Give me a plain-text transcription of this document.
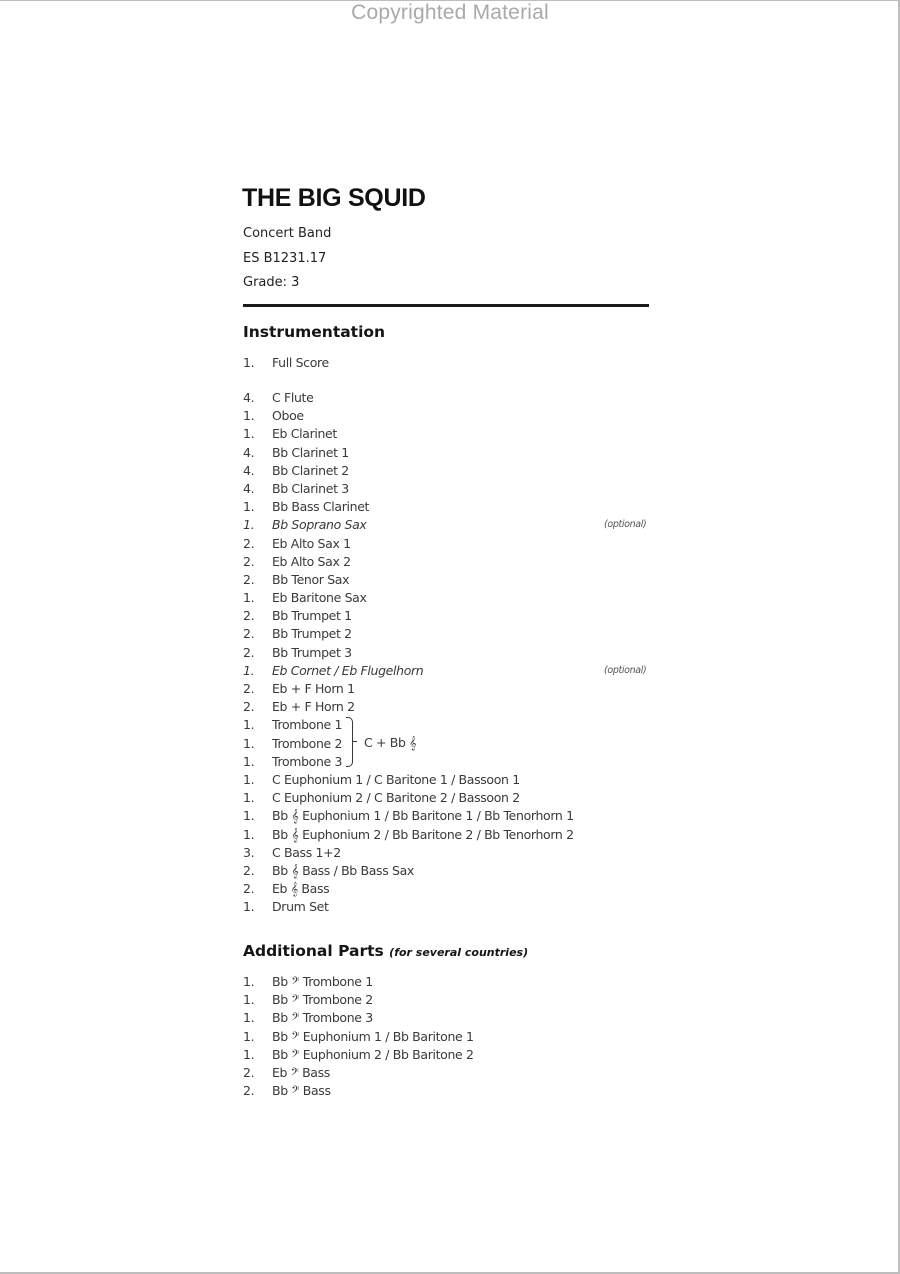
Copyrighted Material
THE BIG SQUID
Concert Band
ES B1231.17
Grade: 3
Instrumentation
1. Full Score
4. C Flute
1. Oboe
1. Eb Clarinet
4. Bb Clarinet 1
4. Bb Clarinet 2
4. Bb Clarinet 3
1. Bb Bass Clarinet
1. Bb Soprano Sax	(optional)
2. Eb Alto Sax 1
2. Eb Alto Sax 2
2. Bb Tenor Sax
1. Eb Baritone Sax
2. Bb Trumpet 1
2. Bb Trumpet 2
2. Bb Trumpet 3
1. Eb Cornet / Eb Flugelhorn	(optional)
2. Eb + F Horn 1
2. Eb + F Horn 2
1. Trombone 1
1. Trombone 2
1. Trombone 3
1. C Euphonium 1 / C Baritone 1 / Bassoon 1
1. C Euphonium 2 / C Baritone 2 / Bassoon 2
1. Bb 𝄞 Euphonium 1 / Bb Baritone 1 / Bb Tenorhorn 1
1. Bb 𝄞 Euphonium 2 / Bb Baritone 2 / Bb Tenorhorn 2
3. C Bass 1+2
2. Bb 𝄞 Bass / Bb Bass Sax
2. Eb 𝄞 Bass
1. Drum Set
C + Bb 𝄞
Additional Parts (for several countries)
1. Bb 𝄢 Trombone 1
1. Bb 𝄢 Trombone 2
1. Bb 𝄢 Trombone 3
1. Bb 𝄢 Euphonium 1 / Bb Baritone 1
1. Bb 𝄢 Euphonium 2 / Bb Baritone 2
2. Eb 𝄢 Bass
2. Bb 𝄢 Bass
